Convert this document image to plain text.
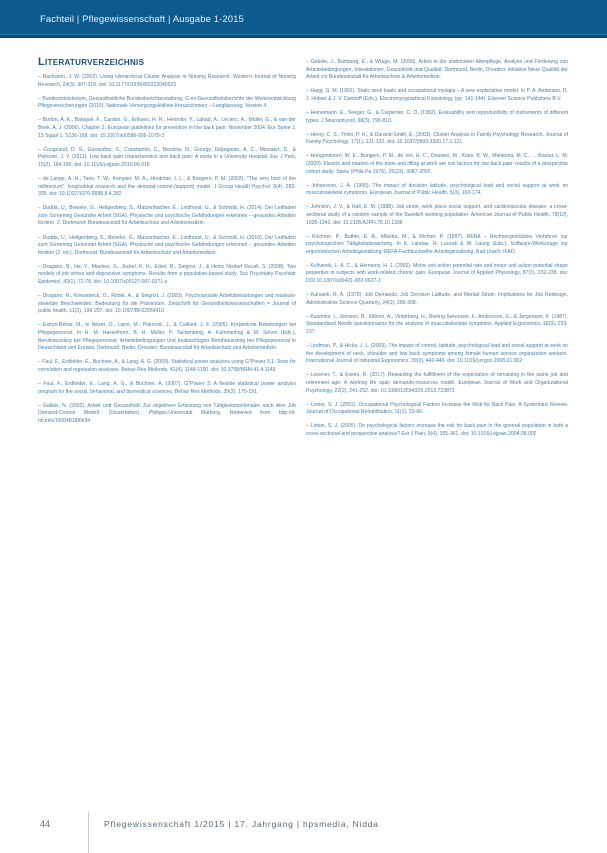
Fachteil | Pflegewissenschaft | Ausgabe 1-2015
Literaturverzeichnis
– Bachstein, J. W. (2002). Using Hierarchical Cluster Analysis in Nursing Research. Western Journal of Nursing Research, 24(3), 307-319. doi: 10.1177/01939450222045923
– Bundesministerium, Gesundheitliche Bundesberichterstattung, G es-Gesundheitsberichte der Weiterentwicklung Pflegeversicherungen (2015). Nationale Versorgungsleitlinie Kreuzschmerz – Langfassung, Version 4.
– Burton, A. K., Balagué, F., Cardon, G., Eriksen, H. R., Henrotin, Y., Lahad, A., Leclerc, A., Müller, G., & van der Beek, A. J. (2006). Chapter 2. European guidelines for prevention in low back pain: November 2004. Eur Spine J, 15 Suppl 1, S136-168. doi: 10.1007/s00586-006-1070-3
– Cougnaud, D. S., Guiraudou, S., Constantini, C., Bezzina, N., Gourgy, Delpapeau, A. C., Minnaert, D., & Pelissier, J. Y. (2011). Low back pain characteristics and back pain: A study in a University Hospital. Eur J Pain, 15(2), 184-190. doi: 10.1016/j.ejpain.2010.06.018
– de Lange, A. H., Taris, T. W., Kompier, M. A., Houtman, I. L., & Bongers, P. M. (2003). "The very best of the millennium": longitudinal research and the demand-control-(support) model. J Occup Health Psychol, 8(4), 282-305. doi: 10.1037/1076-8998.8.4.282
– Dudda, U., Beneke, G., Heilgenberg, S., Matzenbacher, E., Lindhorst, U., & Schmidt, H. (2014). Der Leitfaden zum Screening Gesunder Arbeit (SGA). Physische und psychische Gefährdungen erkennen – gesundes Arbeiten fördern. 2. Dortmund: Bundesanstalt für Arbeitsschutz und Arbeitsmedizin.
– Dudda, U., Heilgenberg, S., Beneke, G., Matzenbacher, E., Lindhorst, U., & Schmidt, H. (2010). Der Leitfaden zum Screening Gesunder Arbeit (SGA). Physische und psychische Gefährdungen erkennen – gesundes Arbeiten fördern (2. ed.). Dortmund: Bundesanstalt für Arbeitsschutz und Arbeitsmedizin.
– Dragano, N., He, Y., Moebus, S., Jöckel, K. H., Erbel, R., Siegrist, J., & Heinz Nixdorf Recall, S. (2008). Two models of job stress and depressive symptoms. Results from a population-based study. Soc Psychiatry Psychiatr Epidemiol, 43(1), 72-78. doi: 10.1007/s00127-007-0271-z
– Dragano, N., Knesebeck, O., Rödel, A., & Siegrist, J. (2003). Psychosoziale Arbeitsbelastungen und muskulo-skeletale Beschwerden: Bedeutung für die Prävention. Zeitschrift für Gesundheitswissenschaften = Journal of public health, 11(3), 196-207. doi: 10.1007/BF02956410
– Estryn-Behar, M., le Nézet, O., Laine, M., Pokorski, J., & Caillard, J. F. (2005). Körperliche Belastungen bei Pflegepersonal. In H. M. Hasselhorn, B. H. Müller, P. Tackenberg, A. Kümmerling & M. Simon (Eds.), Berufsausstieg bei Pflegepersonal: Arbeitsbedingungen und beabsichtigter Berufsausstieg bei Pflegepersonal in Deutschland und Europa. Dortmund, Berlin, Dresden: Bundesanstalt für Arbeitsschutz und Arbeitsmedizin.
– Faul, F., Erdfelder, E., Buchner, A., & Lang, A. G. (2009). Statistical power analyses using G*Power 3.1: Tests for correlation and regression analyses. Behav Res Methods, 41(4), 1149-1160. doi: 10.3758/BRM.41.4.1149
– Faul, F., Erdfelder, E., Lang, A. G., & Buchner, A. (2007). G*Power 3: A flexible statistical power analysis program for the social, behavioral, and biomedical sciences. Behav Res Methods, 39(2), 175-191.
– Gallais, N. (2003). Arbeit und Gesundheit: Zur objektiven Erfassung von Tätigkeitsmerkmalen nach dem Job Demand-Control Modell. (Dissertation), Philipps-Universität Marburg. Retrieved from http://d-nb.info/1000481889/34
– Gebele, J., Bamberg, E., & Wrage, M. (2006). Arbeit in der stationären Altenpflege. Analyse und Förderung von Arbeitsbedingungen, Interaktionen, Gesundheit und Qualität. Dortmund, Berlin, Dresden: Initiative Neue Qualität der Arbeit c/o Bundesanstalt für Arbeitsschutz & Arbeitsmedizin.
– Hagg, G. M. (1991). Static work loads and occupational myalgia – A new explanation model. In P. A. Anderson, D. J. Hobart & J. V. Danhoff (Eds.), Electromyographical Kinesiology (pp. 141-144). Elsevier Science Publishers B.V.
– Heinemann, E., Seeger, G., & Carpenter, C. O. (1992). Evaluability and reproducibility of instruments of different types. J Neurophysiol, 68(3), 799-810.
– Henry, C. S., Trivio, P. H., & Durand-Smith, E. (2003). Cluster Analysis in Family Psychology Research. Journal of Family Psychology, 17(1), 121-132. doi: 10.1037/0893-3200.17.1.121
– Hoogendoorn, W. E., Bongers, P. M., de Vet, H. C., Douwes, M., Koes, B. W., Miedema, M. C., ... Bouter, L. M. (2000). Flexion and rotation of the trunk and lifting at work are risk factors for low back pain: results of a prospective cohort study. Spine (Phila Pa 1976), 25(23), 3087-3092.
– Johansson, J. A. (1995). The impact of decision latitude, psychological load and social support at work on musculoskeletal symptoms. European Journal of Public Health, 5(3), 169-174.
– Johnson, J. V., & Hall, E. M. (1988). Job strain, work place social support, and cardiovascular disease: a cross-sectional study of a random sample of the Swedish working population. American Journal of Public Health, 78(10), 1336-1342. doi: 10.2105/AJPH.78.10.1336
– Kirchner, P., Buttler, E. A., Miketta, M., & Richter, P. (1997). REBA – Rechnergestütztes Verfahren zur psychologischen Tätigkeitsbewertung. In K. Landau, H. Luczak & W. Laurig (Eds.), Software-Werkzeuge zur ergonomischen Arbeitsgestaltung: REFA-Fachbuchreihe Arbeitsgestaltung. Bad Urach: IFAO.
– Kulhanek, L. A. C., & Hermens, H. J. (2002). Motor unit action potential rate and motor unit action potential shape properties in subjects with work-related chronic pain. European Journal of Applied Physiology, 87(3), 232-238. doi: DOI 10.1007/s00421-002-0627-1
– Karasek, R. A. (1979). Job Demands, Job Decision Latitude, and Mental Strain: Implications for Job Redesign. Administrative Science Quarterly, 24(2), 285-308.
– Kuorinka, I., Jonsson, B., Kilbom, A., Vinterberg, H., Biering-Sørensen, F., Andersson, G., & Jørgensen, K. (1987). Standardised Nordic questionnaires for the analysis of musculoskeletal symptoms. Applied Ergonomics, 18(3), 233-237.
– Lindman, P., & Hicks, J. L. (2009). The impact of control, latitude, psychological load and social support at work on the development of neck, shoulder and low back symptoms among female human service organization workers. International Journal of Industrial Ergonomics, 39(3), 442-446. doi: 10.1016/j.ergon.2008.01.002
– Lesener, T., & Ewers, R. (2017). Rewarding the fulfillment of the expectation of remaining in the same job and retirement age: A working life span demands-resources model. European Journal of Work and Organizational Psychology, 22(2), 241-252. doi: 10.1080/1359432X.2012.723873
– Linton, S. J. (2001). Occupational Psychological Factors Increase the Risk for Back Pain: A Systematic Review. Journal of Occupational Rehabilitation, 11(1), 53-66.
– Linton, S. J. (2005). Do psychological factors increase the risk for back pain in the general population in both a cross-sectional and prospective analysis? Eur J Pain, 9(4), 355-361. doi: 10.1016/j.ejpain.2004.08.002
44	Pflegewissenschaft 1/2015 | 17. Jahrgang | hpsmedia, Nidda
